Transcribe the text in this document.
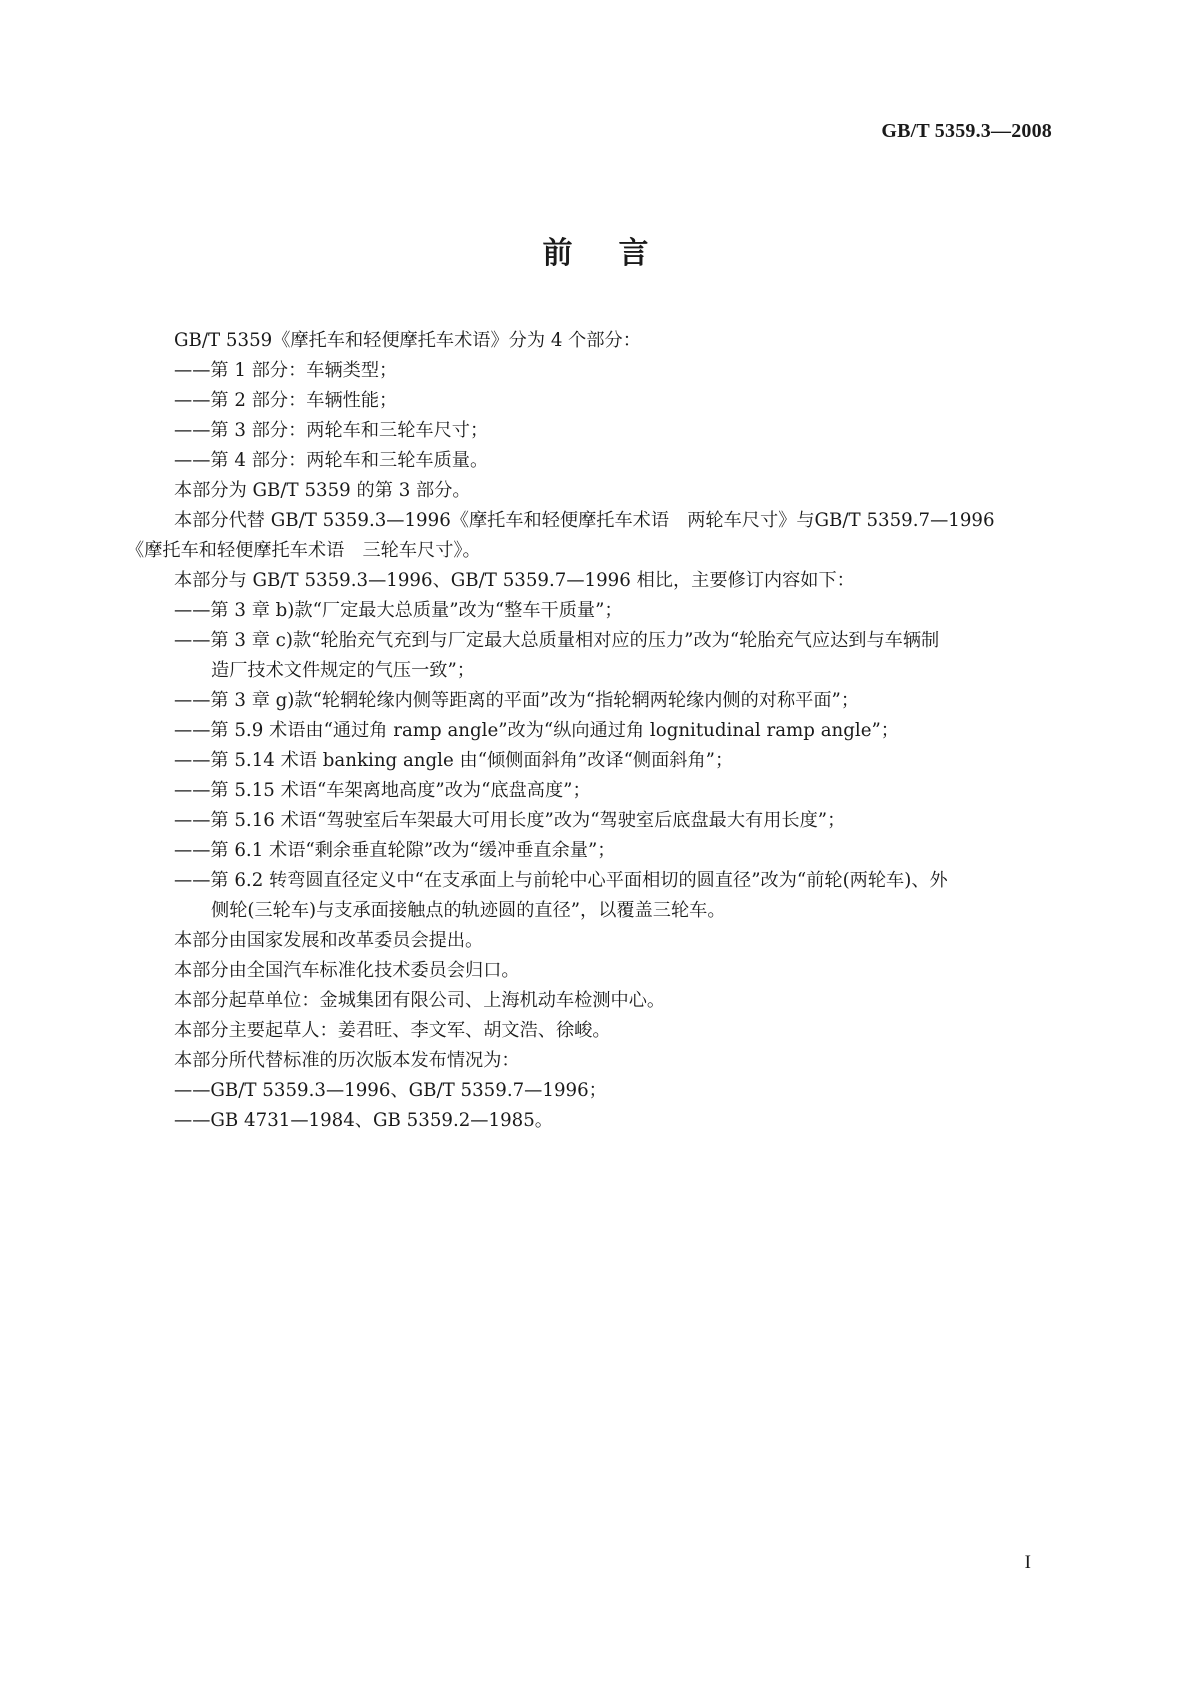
GB/T 5359.3—2008
前言
GB/T 5359《摩托车和轻便摩托车术语》分为 4 个部分：
——第 1 部分：车辆类型；
——第 2 部分：车辆性能；
——第 3 部分：两轮车和三轮车尺寸；
——第 4 部分：两轮车和三轮车质量。
本部分为 GB/T 5359 的第 3 部分。
本部分代替 GB/T 5359.3—1996《摩托车和轻便摩托车术语　两轮车尺寸》与GB/T 5359.7—1996
《摩托车和轻便摩托车术语　三轮车尺寸》。
本部分与 GB/T 5359.3—1996、GB/T 5359.7—1996 相比，主要修订内容如下：
——第 3 章 b)款“厂定最大总质量”改为“整车干质量”；
——第 3 章 c)款“轮胎充气充到与厂定最大总质量相对应的压力”改为“轮胎充气应达到与车辆制
造厂技术文件规定的气压一致”；
——第 3 章 g)款“轮辋轮缘内侧等距离的平面”改为“指轮辋两轮缘内侧的对称平面”；
——第 5.9 术语由“通过角 ramp angle”改为“纵向通过角 lognitudinal ramp angle”；
——第 5.14 术语 banking angle 由“倾侧面斜角”改译“侧面斜角”；
——第 5.15 术语“车架离地高度”改为“底盘高度”；
——第 5.16 术语“驾驶室后车架最大可用长度”改为“驾驶室后底盘最大有用长度”；
——第 6.1 术语“剩余垂直轮隙”改为“缓冲垂直余量”；
——第 6.2 转弯圆直径定义中“在支承面上与前轮中心平面相切的圆直径”改为“前轮(两轮车)、外
侧轮(三轮车)与支承面接触点的轨迹圆的直径”，以覆盖三轮车。
本部分由国家发展和改革委员会提出。
本部分由全国汽车标准化技术委员会归口。
本部分起草单位：金城集团有限公司、上海机动车检测中心。
本部分主要起草人：姜君旺、李文军、胡文浩、徐峻。
本部分所代替标准的历次版本发布情况为：
——GB/T 5359.3—1996、GB/T 5359.7—1996；
——GB 4731—1984、GB 5359.2—1985。
I
